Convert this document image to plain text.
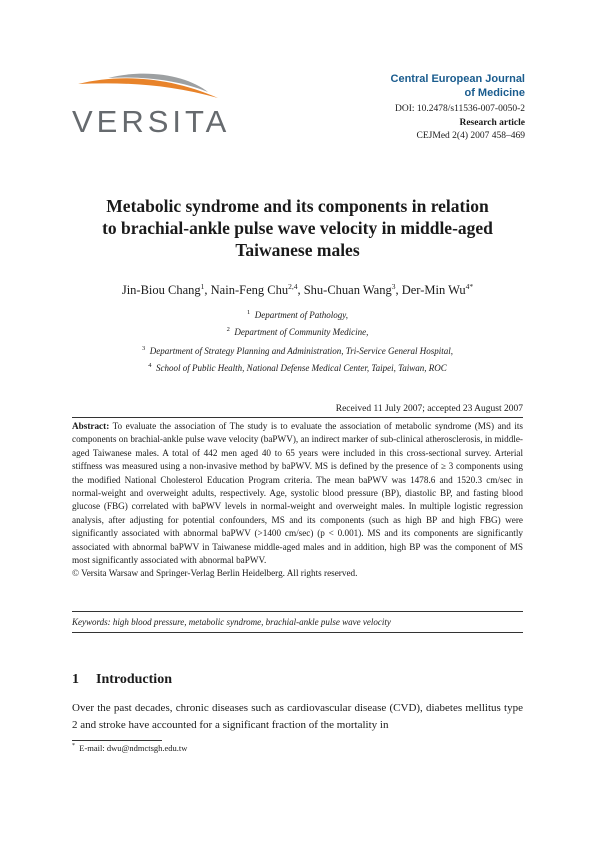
VERSITA
Central European Journal
of Medicine
DOI: 10.2478/s11536-007-0050-2
Research article
CEJMed 2(4) 2007 458–469
Metabolic syndrome and its components in relation
to brachial-ankle pulse wave velocity in middle-aged
Taiwanese males
Jin-Biou Chang$^1$, Nain-Feng Chu$^{2,4}$, Shu-Chuan Wang$^3$, Der-Min $Wu^{4*}$
$^1$ Department of Pathology,
$^2$ Department of Community Medicine,
$^3$ Department of Strategy Planning and Administration, Tri-Service General Hospital,
$^4$ School of Public Health, National Defense Medical Center, Taipei, Taiwan, ROC
Received 11 July 2007; accepted 23 August 2007
Abstract: To evaluate the association of The study is to evaluate the association of metabolic syndrome (MS) and its components on brachial-ankle pulse wave velocity (baPWV), an indirect marker of sub-clinical atherosclerosis, in middle-aged Taiwanese males. A total of 442 men aged 40 to 65 years were included in this cross-sectional survey. Arterial stiffness was measured using a non-invasive method by baPWV. MS is defined by the presence of ≥ 3 components using the modified National Cholesterol Education Program criteria. The mean baPWV was 1478.6 and 1520.3 cm/sec in normal-weight and overweight adults, respectively. Age, systolic blood pressure (BP), diastolic BP, and fasting blood glucose (FBG) correlated with baPWV levels in normal-weight and overweight males. In multiple logistic regression analysis, after adjusting for potential confounders, MS and its components (such as high BP and high FBG) were significantly associated with abnormal baPWV (>1400 cm/sec) (p < 0.001). MS and its components are significantly associated with abnormal baPWV in Taiwanese middle-aged males and in addition, high BP was the component of MS most significantly associated with abnormal baPWV.
© Versita Warsaw and Springer-Verlag Berlin Heidelberg. All rights reserved.
Keywords: high blood pressure, metabolic syndrome, brachial-ankle pulse wave velocity
1 Introduction
Over the past decades, chronic diseases such as cardiovascular disease (CVD), diabetes mellitus type 2 and stroke have accounted for a significant fraction of the mortality in
* E-mail: dwu@ndmctsgh.edu.tw
